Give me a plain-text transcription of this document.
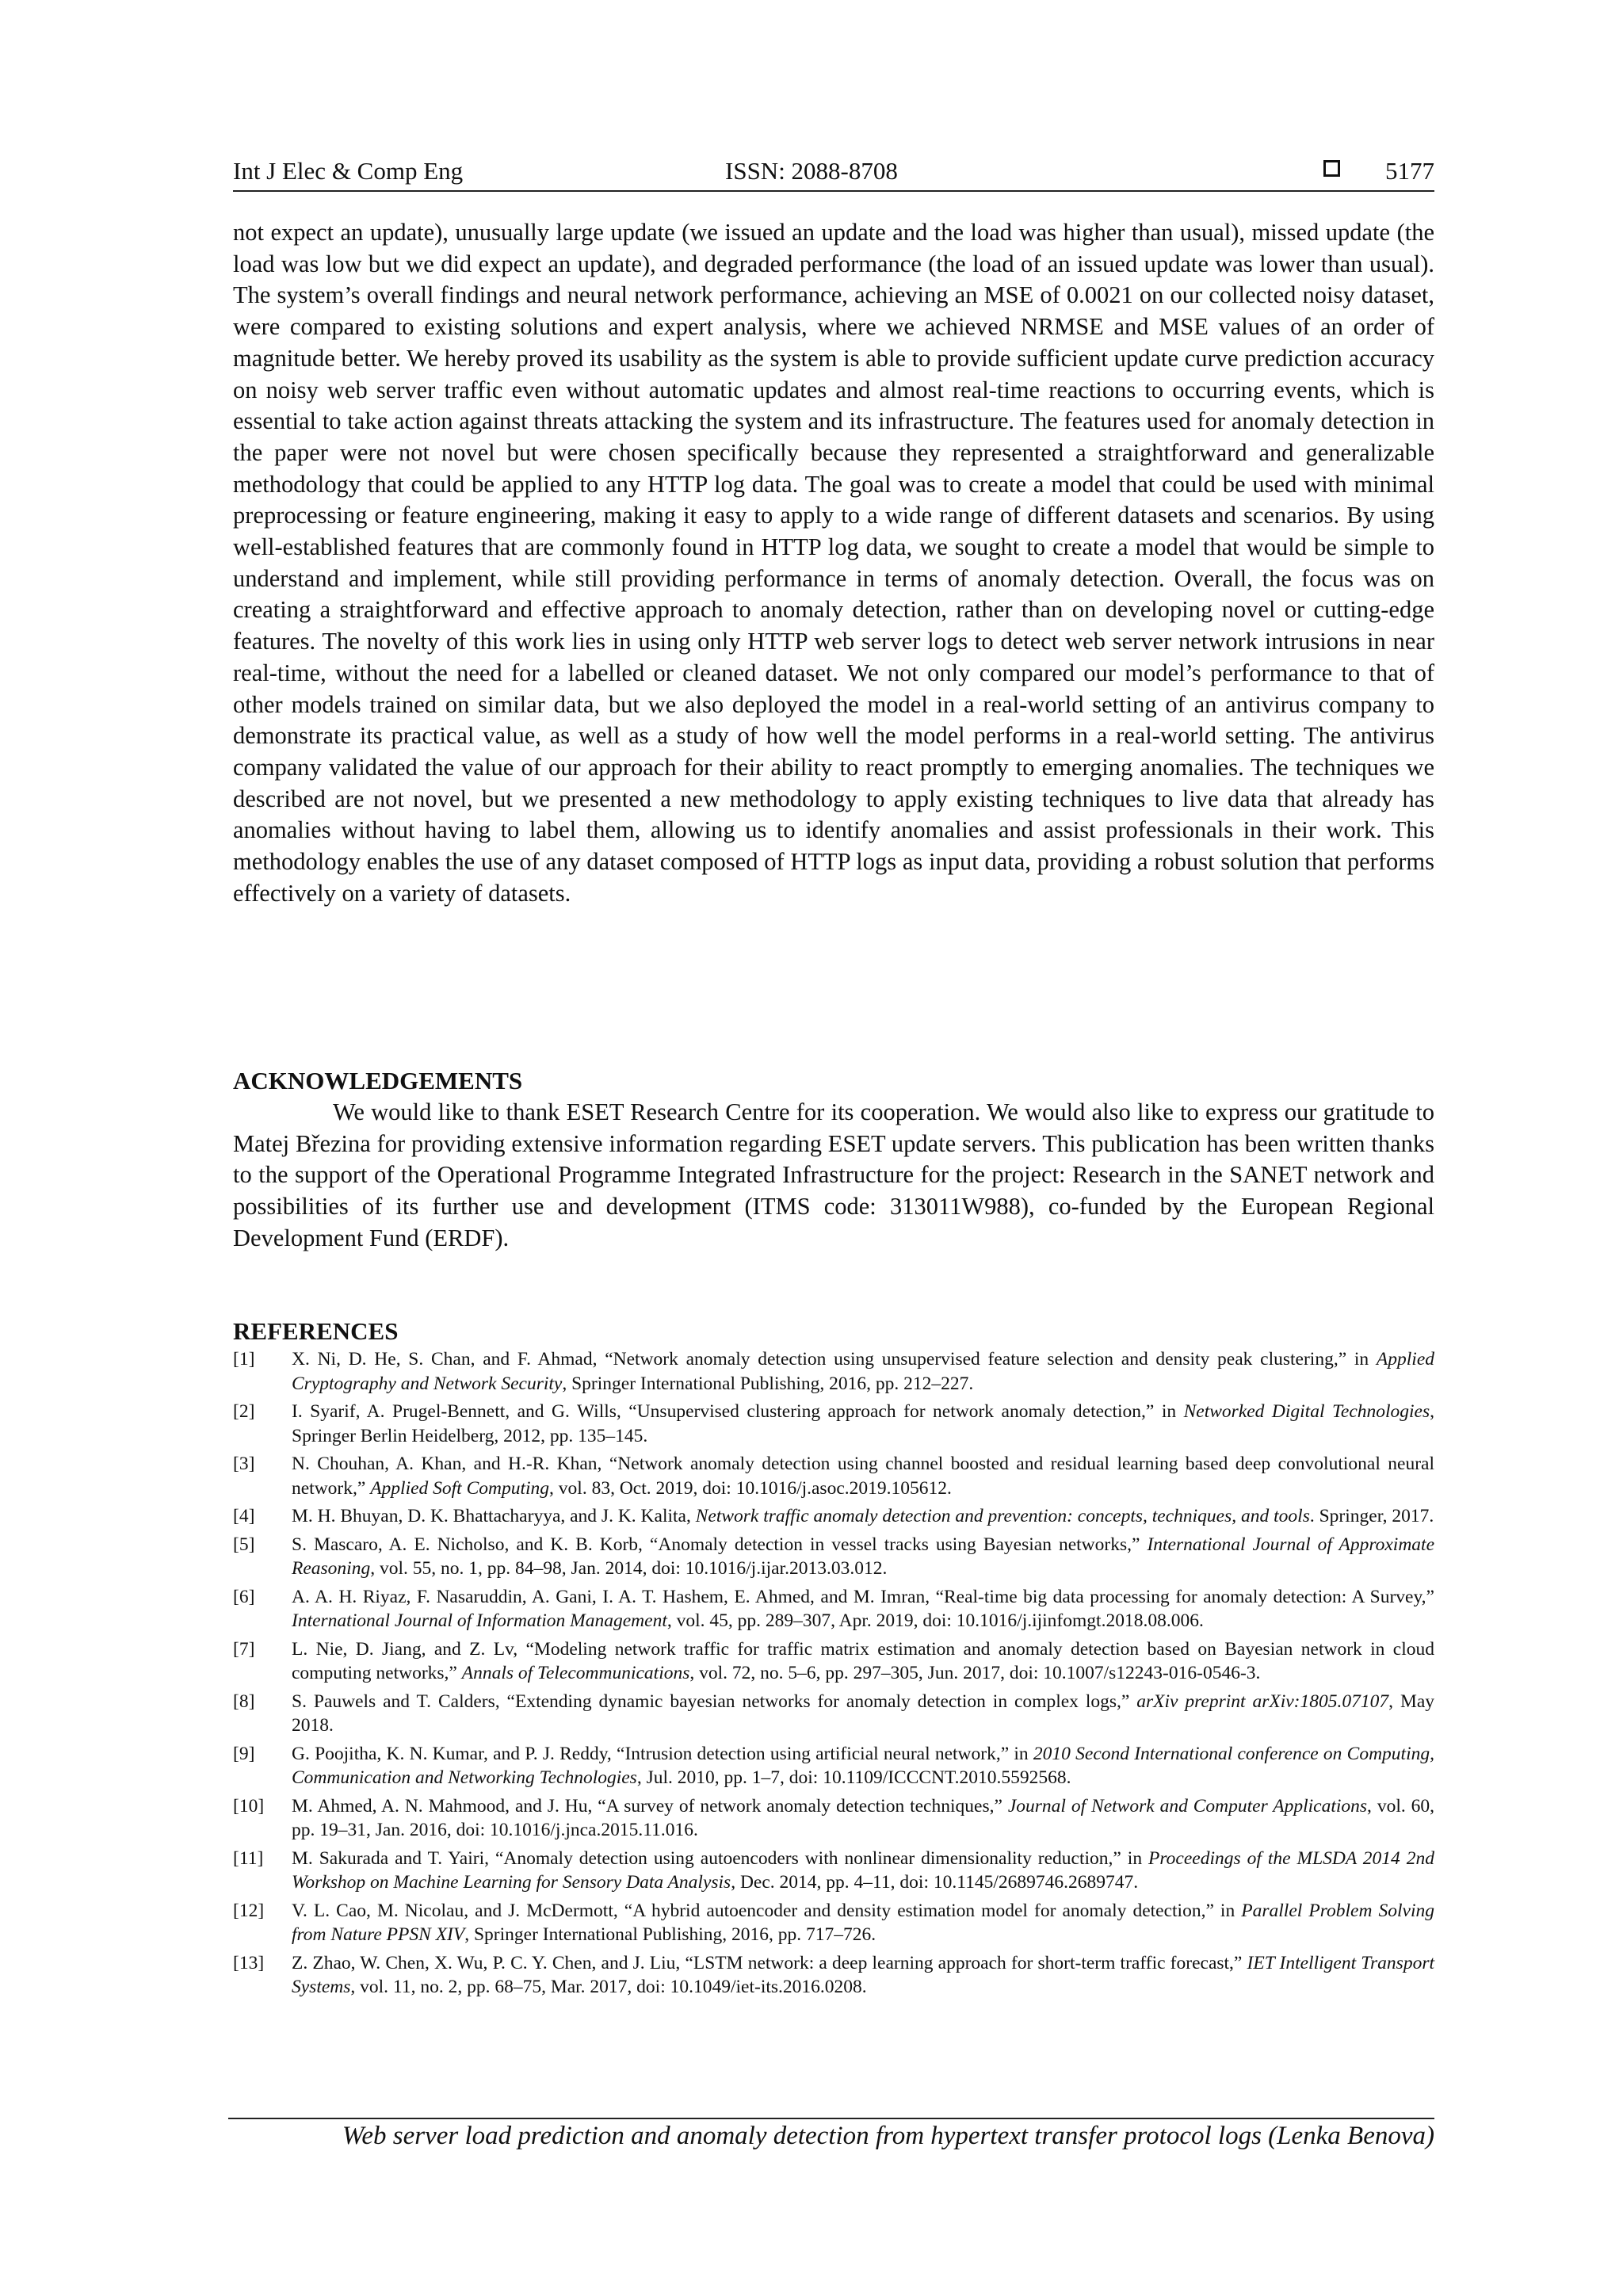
Int J Elec & Comp Eng	ISSN: 2088-8708	5177

not expect an update), unusually large update (we issued an update and the load was higher than usual), missed update (the load was low but we did expect an update), and degraded performance (the load of an issued update was lower than usual). The system’s overall findings and neural network performance, achieving an MSE of 0.0021 on our collected noisy dataset, were compared to existing solutions and expert analysis, where we achieved NRMSE and MSE values of an order of magnitude better. We hereby proved its usability as the system is able to provide sufficient update curve prediction accuracy on noisy web server traffic even without automatic updates and almost real-time reactions to occurring events, which is essential to take action against threats attacking the system and its infrastructure. The features used for anomaly detection in the paper were not novel but were chosen specifically because they represented a straightforward and generalizable methodology that could be applied to any HTTP log data. The goal was to create a model that could be used with minimal preprocessing or feature engineering, making it easy to apply to a wide range of different datasets and scenarios. By using well-established features that are commonly found in HTTP log data, we sought to create a model that would be simple to understand and implement, while still providing performance in terms of anomaly detection. Overall, the focus was on creating a straightforward and effective approach to anomaly detection, rather than on developing novel or cutting-edge features. The novelty of this work lies in using only HTTP web server logs to detect web server network intrusions in near real-time, without the need for a labelled or cleaned dataset. We not only compared our model’s performance to that of other models trained on similar data, but we also deployed the model in a real-world setting of an antivirus company to demonstrate its practical value, as well as a study of how well the model performs in a real-world setting. The antivirus company validated the value of our approach for their ability to react promptly to emerging anomalies. The techniques we described are not novel, but we presented a new methodology to apply existing techniques to live data that already has anomalies without having to label them, allowing us to identify anomalies and assist professionals in their work. This methodology enables the use of any dataset composed of HTTP logs as input data, providing a robust solution that performs effectively on a variety of datasets.

ACKNOWLEDGEMENTS

We would like to thank ESET Research Centre for its cooperation. We would also like to express our gratitude to Matej Březina for providing extensive information regarding ESET update servers. This publication has been written thanks to the support of the Operational Programme Integrated Infrastructure for the project: Research in the SANET network and possibilities of its further use and development (ITMS code: 313011W988), co-funded by the European Regional Development Fund (ERDF).

REFERENCES
[1] X. Ni, D. He, S. Chan, and F. Ahmad, “Network anomaly detection using unsupervised feature selection and density peak clustering,” in Applied Cryptography and Network Security, Springer International Publishing, 2016, pp. 212–227.
[2] I. Syarif, A. Prugel-Bennett, and G. Wills, “Unsupervised clustering approach for network anomaly detection,” in Networked Digital Technologies, Springer Berlin Heidelberg, 2012, pp. 135–145.
[3] N. Chouhan, A. Khan, and H.-R. Khan, “Network anomaly detection using channel boosted and residual learning based deep convolutional neural network,” Applied Soft Computing, vol. 83, Oct. 2019, doi: 10.1016/j.asoc.2019.105612.
[4] M. H. Bhuyan, D. K. Bhattacharyya, and J. K. Kalita, Network traffic anomaly detection and prevention: concepts, techniques, and tools. Springer, 2017.
[5] S. Mascaro, A. E. Nicholso, and K. B. Korb, “Anomaly detection in vessel tracks using Bayesian networks,” International Journal of Approximate Reasoning, vol. 55, no. 1, pp. 84–98, Jan. 2014, doi: 10.1016/j.ijar.2013.03.012.
[6] A. A. H. Riyaz, F. Nasaruddin, A. Gani, I. A. T. Hashem, E. Ahmed, and M. Imran, “Real-time big data processing for anomaly detection: A Survey,” International Journal of Information Management, vol. 45, pp. 289–307, Apr. 2019, doi: 10.1016/j.ijinfomgt.2018.08.006.
[7] L. Nie, D. Jiang, and Z. Lv, “Modeling network traffic for traffic matrix estimation and anomaly detection based on Bayesian network in cloud computing networks,” Annals of Telecommunications, vol. 72, no. 5–6, pp. 297–305, Jun. 2017, doi: 10.1007/s12243-016-0546-3.
[8] S. Pauwels and T. Calders, “Extending dynamic bayesian networks for anomaly detection in complex logs,” arXiv preprint arXiv:1805.07107, May 2018.
[9] G. Poojitha, K. N. Kumar, and P. J. Reddy, “Intrusion detection using artificial neural network,” in 2010 Second International conference on Computing, Communication and Networking Technologies, Jul. 2010, pp. 1–7, doi: 10.1109/ICCCNT.2010.5592568.
[10] M. Ahmed, A. N. Mahmood, and J. Hu, “A survey of network anomaly detection techniques,” Journal of Network and Computer Applications, vol. 60, pp. 19–31, Jan. 2016, doi: 10.1016/j.jnca.2015.11.016.
[11] M. Sakurada and T. Yairi, “Anomaly detection using autoencoders with nonlinear dimensionality reduction,” in Proceedings of the MLSDA 2014 2nd Workshop on Machine Learning for Sensory Data Analysis, Dec. 2014, pp. 4–11, doi: 10.1145/2689746.2689747.
[12] V. L. Cao, M. Nicolau, and J. McDermott, “A hybrid autoencoder and density estimation model for anomaly detection,” in Parallel Problem Solving from Nature PPSN XIV, Springer International Publishing, 2016, pp. 717–726.
[13] Z. Zhao, W. Chen, X. Wu, P. C. Y. Chen, and J. Liu, “LSTM network: a deep learning approach for short-term traffic forecast,” IET Intelligent Transport Systems, vol. 11, no. 2, pp. 68–75, Mar. 2017, doi: 10.1049/iet-its.2016.0208.
Web server load prediction and anomaly detection from hypertext transfer protocol logs (Lenka Benova)
